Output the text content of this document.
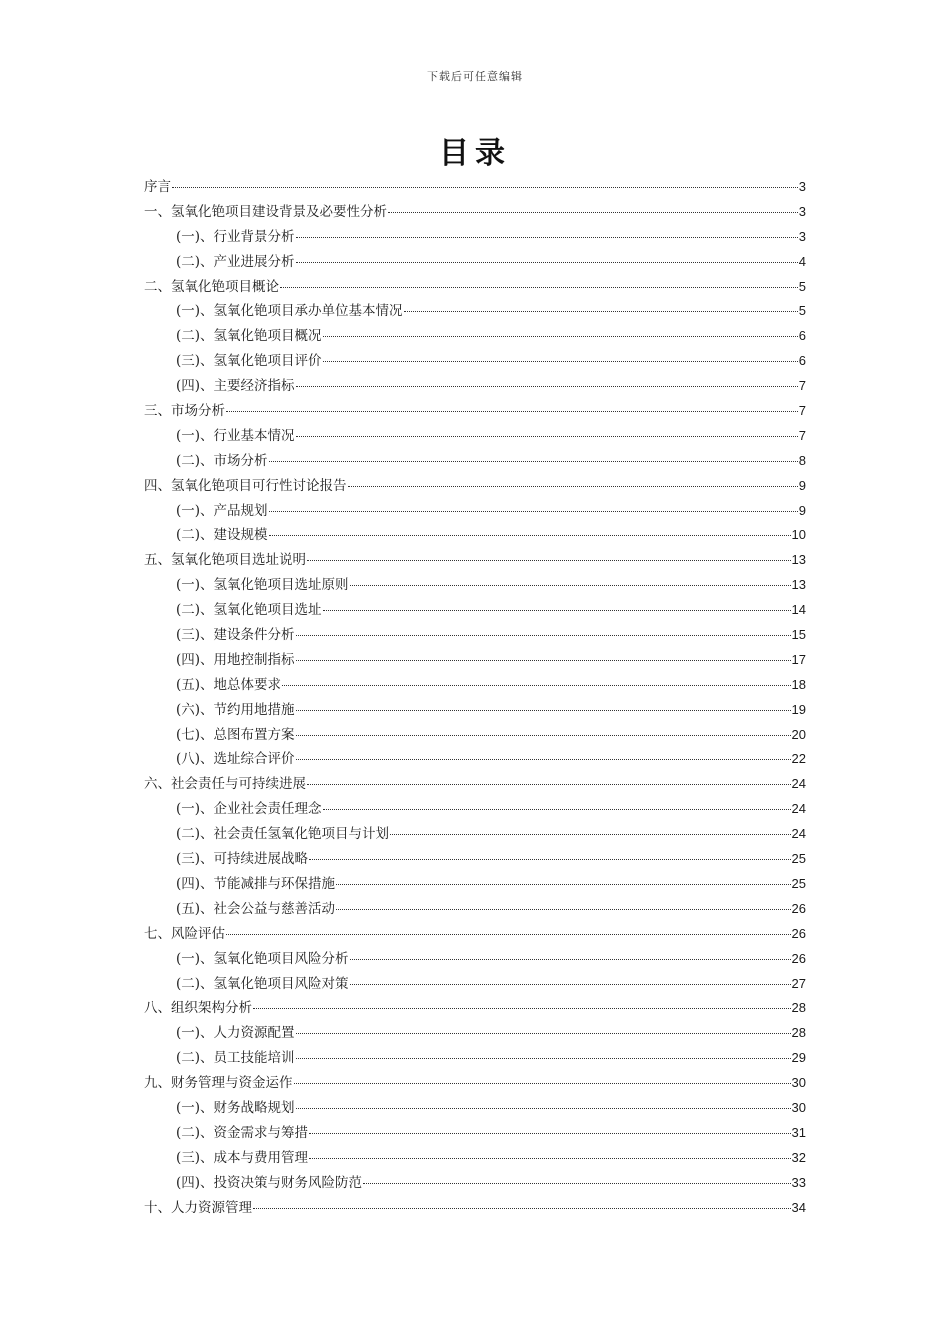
下载后可任意编辑
目录
序言	3
一、氢氧化铯项目建设背景及必要性分析	3
(一)、行业背景分析	3
(二)、产业进展分析	4
二、氢氧化铯项目概论	5
(一)、氢氧化铯项目承办单位基本情况	5
(二)、氢氧化铯项目概况	6
(三)、氢氧化铯项目评价	6
(四)、主要经济指标	7
三、市场分析	7
(一)、行业基本情况	7
(二)、市场分析	8
四、氢氧化铯项目可行性讨论报告	9
(一)、产品规划	9
(二)、建设规模	10
五、氢氧化铯项目选址说明	13
(一)、氢氧化铯项目选址原则	13
(二)、氢氧化铯项目选址	14
(三)、建设条件分析	15
(四)、用地控制指标	17
(五)、地总体要求	18
(六)、节约用地措施	19
(七)、总图布置方案	20
(八)、选址综合评价	22
六、社会责任与可持续进展	24
(一)、企业社会责任理念	24
(二)、社会责任氢氧化铯项目与计划	24
(三)、可持续进展战略	25
(四)、节能减排与环保措施	25
(五)、社会公益与慈善活动	26
七、风险评估	26
(一)、氢氧化铯项目风险分析	26
(二)、氢氧化铯项目风险对策	27
八、组织架构分析	28
(一)、人力资源配置	28
(二)、员工技能培训	29
九、财务管理与资金运作	30
(一)、财务战略规划	30
(二)、资金需求与筹措	31
(三)、成本与费用管理	32
(四)、投资决策与财务风险防范	33
十、人力资源管理	34
